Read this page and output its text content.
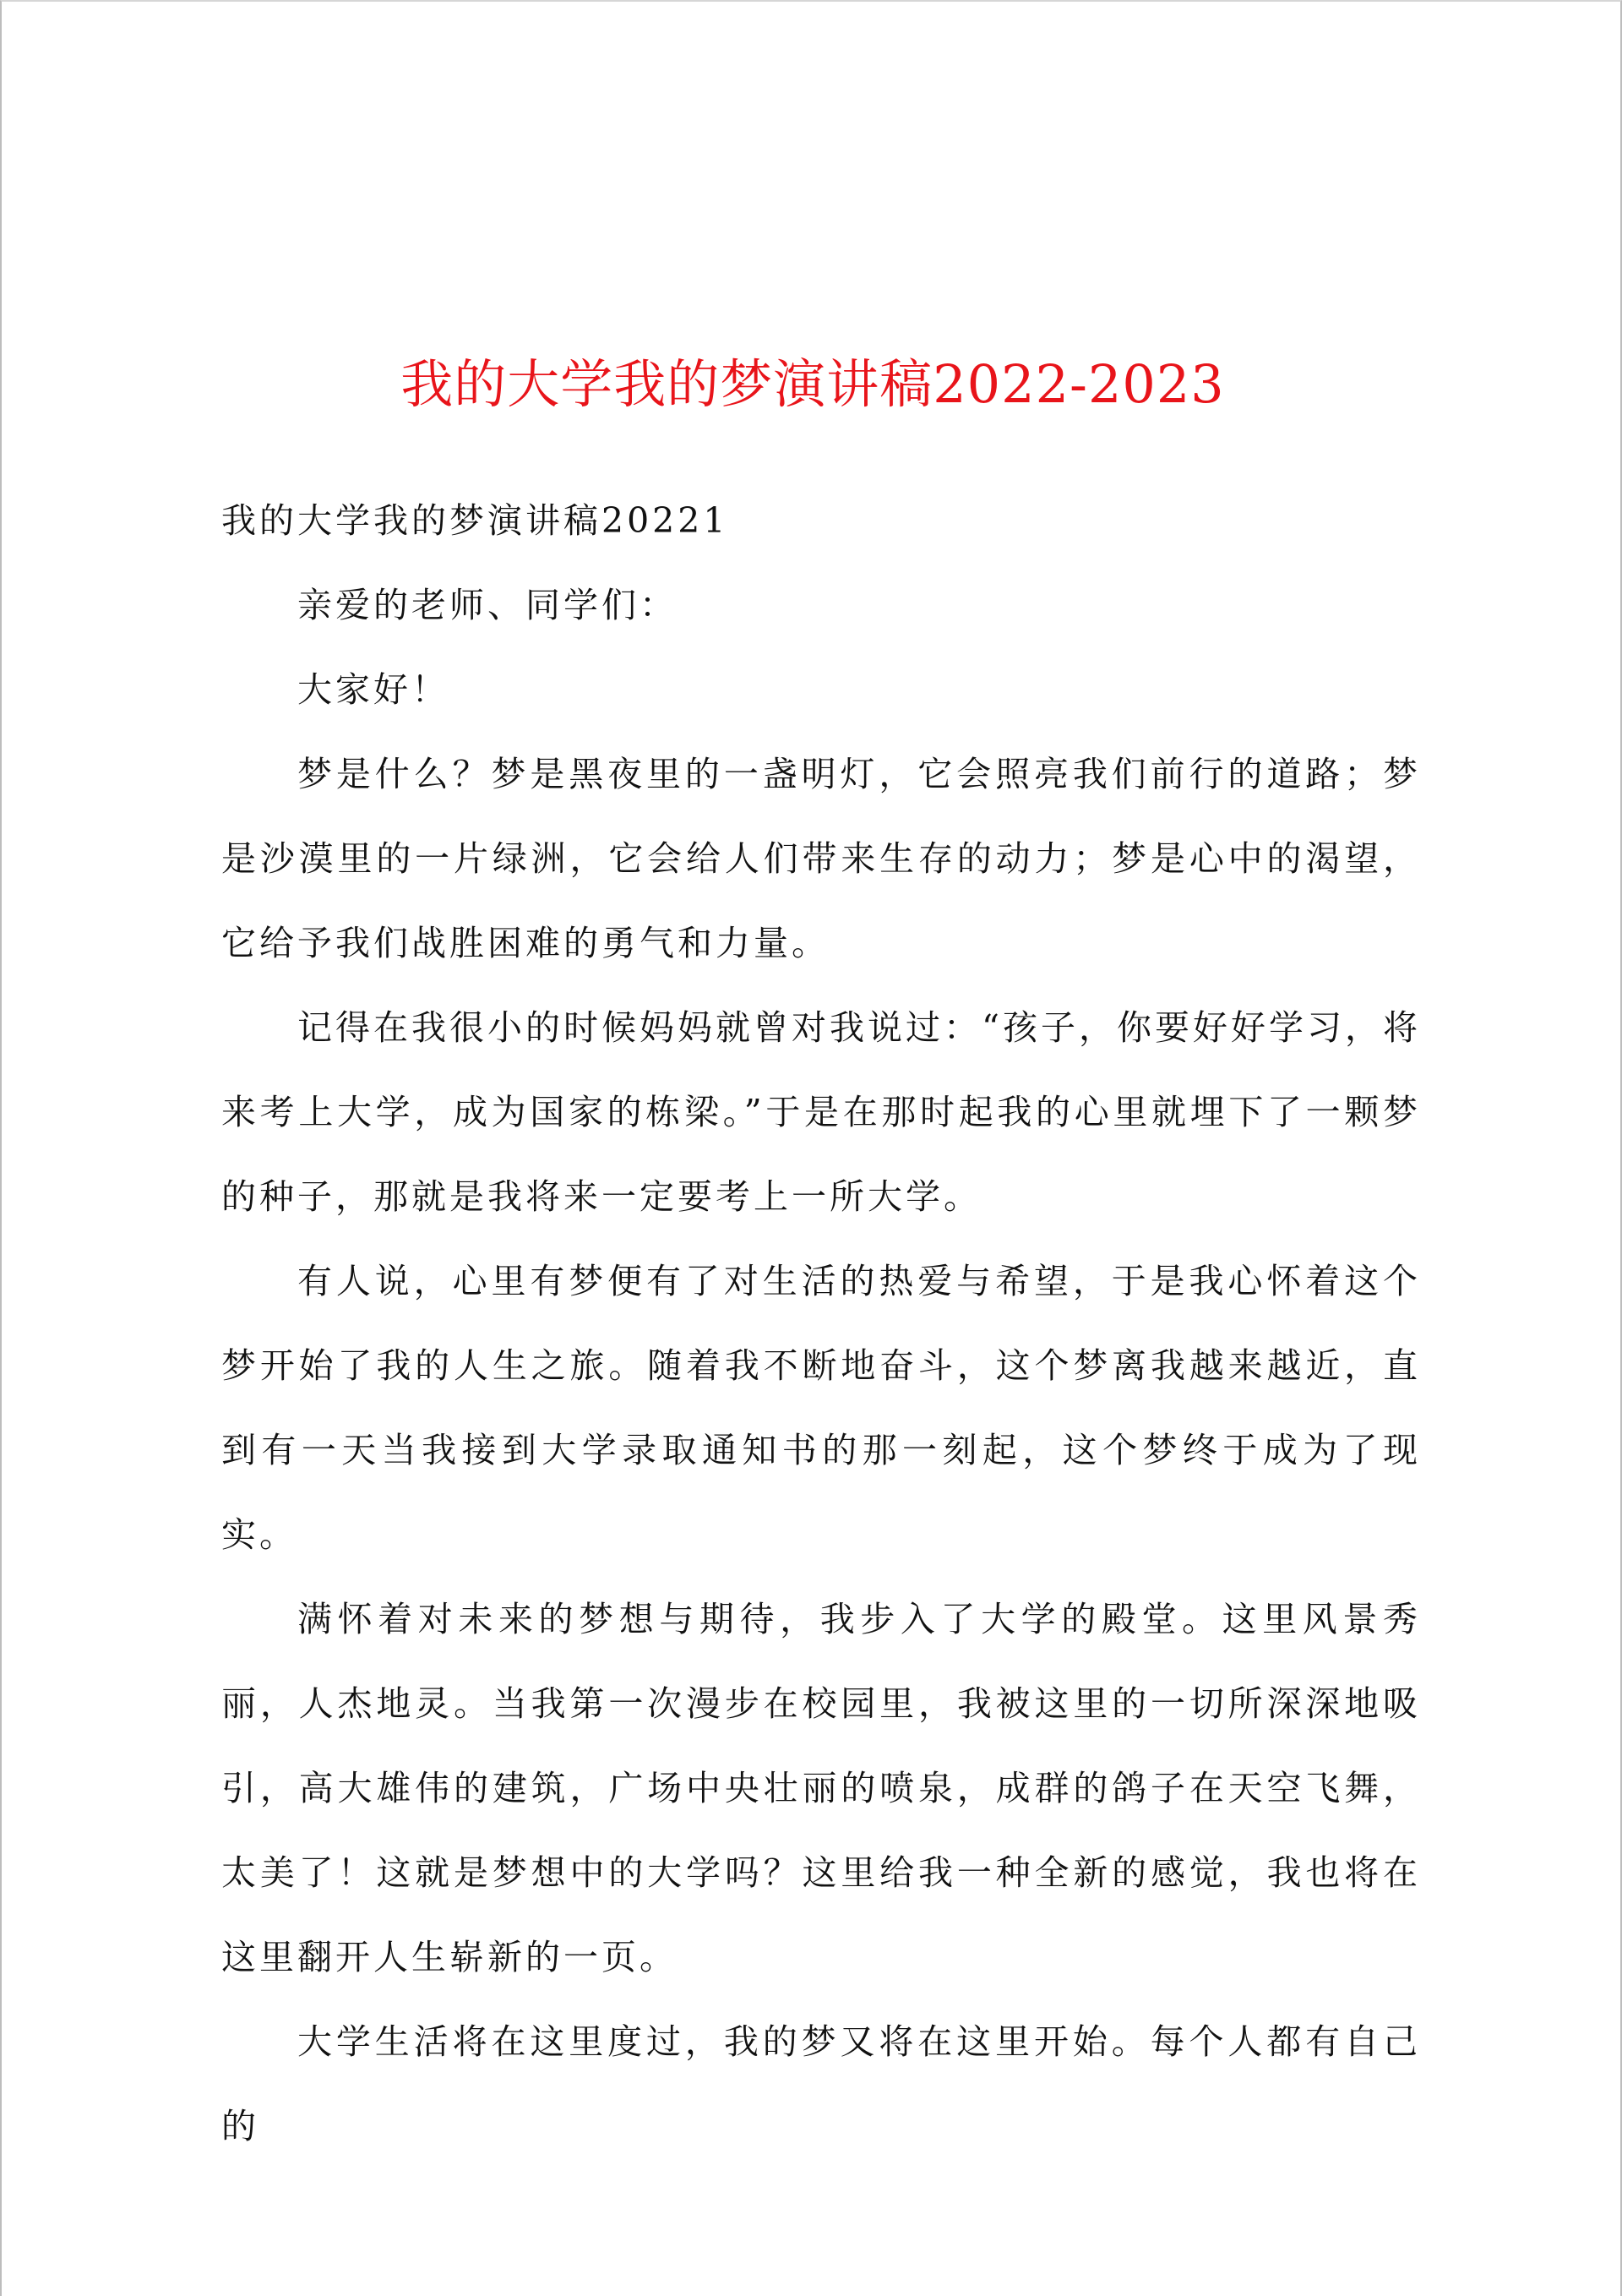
我的大学我的梦演讲稿2022-2023

我的大学我的梦演讲稿20221

亲爱的老师、同学们：

大家好！

梦是什么？梦是黑夜里的一盏明灯，它会照亮我们前行的道路；梦是沙漠里的一片绿洲，它会给人们带来生存的动力；梦是心中的渴望，它给予我们战胜困难的勇气和力量。

记得在我很小的时候妈妈就曾对我说过：“孩子，你要好好学习，将来考上大学，成为国家的栋梁。”于是在那时起我的心里就埋下了一颗梦的种子，那就是我将来一定要考上一所大学。

有人说，心里有梦便有了对生活的热爱与希望，于是我心怀着这个梦开始了我的人生之旅。随着我不断地奋斗，这个梦离我越来越近，直到有一天当我接到大学录取通知书的那一刻起，这个梦终于成为了现实。

满怀着对未来的梦想与期待，我步入了大学的殿堂。这里风景秀丽，人杰地灵。当我第一次漫步在校园里，我被这里的一切所深深地吸引，高大雄伟的建筑，广场中央壮丽的喷泉，成群的鸽子在天空飞舞，太美了！这就是梦想中的大学吗？这里给我一种全新的感觉，我也将在这里翻开人生崭新的一页。

大学生活将在这里度过，我的梦又将在这里开始。每个人都有自己的
